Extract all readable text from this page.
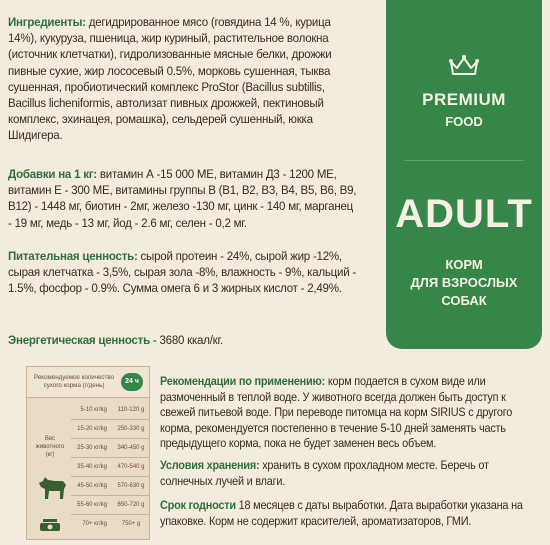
Ингредиенты: дегидрированное мясо (говядина 14 %, курица 14%), кукуруза, пшеница, жир куриный, растительное волокна (источник клетчатки), гидролизованные мясные белки, дрожжи пивные сухие, жир лососевый 0.5%, морковь сушенная, тыква сушенная, пробиотический комплекс ProStor (Bacillus subtillis, Bacillus licheniformis, автолизат пивных дрожжей, пектиновый комплекс, эхинацея, ромашка), сельдерей сушенный, юкка Шидигера.
Добавки на 1 кг: витамин А -15 000 МЕ, витамин Д3 - 1200 МЕ, витамин Е - 300 МЕ, витамины группы В (В1, В2, В3, В4, В5, В6, В9, В12) - 1448 мг, биотин - 2мг, железо -130 мг, цинк - 140 мг, марганец - 19 мг, медь - 13 мг, йод - 2.6 мг, селен - 0,2 мг.
Питательная ценность: сырой протеин - 24%, сырой жир -12%, сырая клетчатка - 3,5%, сырая зола -8%, влажность - 9%, кальций - 1.5%, фосфор - 0.9%. Сумма омега 6 и 3 жирных кислот - 2,49%.
Энергетическая ценность - 3680 ккал/кг.
PREMIUM
FOOD
ADULT
КОРМ
ДЛЯ ВЗРОСЛЫХ
СОБАК
Рекомендуемое количество сухого корма (г/день)
24 ч
Вес животного (кг)
5-10 кг/kg	110-120 g
15-20 кг/kg	250-330 g
25-30 кг/kg	340-450 g
35-40 кг/kg	470-540 g
45-50 кг/kg	570-630 g
55-60 кг/kg	650-720 g
70+ кг/kg	750+ g
Рекомендации по применению: корм подается в сухом виде или размоченный в теплой воде. У животного всегда должен быть доступ к свежей питьевой воде. При переводе питомца на корм SIRIUS с другого корма, рекомендуется постепенно в течение 5-10 дней заменять часть предыдущего корма, пока не будет заменен весь объем.
Условия хранения: хранить в сухом прохладном месте. Беречь от солнечных лучей и влаги.
Срок годности 18 месяцев с даты выработки. Дата выработки указана на упаковке. Корм не содержит красителей, ароматизаторов, ГМИ.
